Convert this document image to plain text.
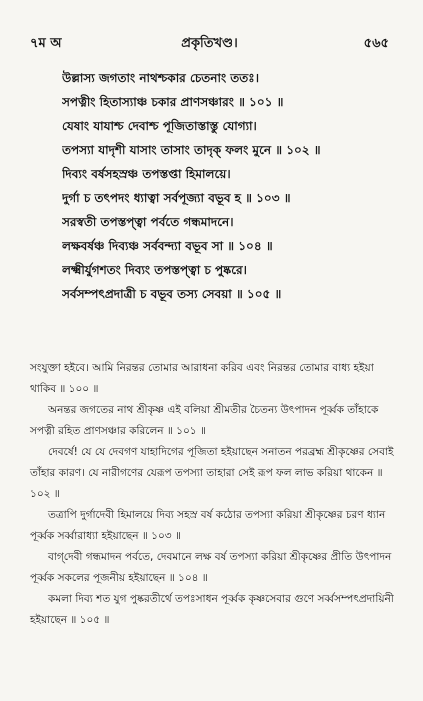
৭ম অ	প্রকৃতিখণ্ড।	৫৬৫
উল্লাস্য জগতাং নাথশ্চকার চেতনাং ততঃ।
সপত্নীং হিতাস্যাঞ্চ চকার প্রাণসঞ্চারং ॥ ১০১ ॥
যেষাং যাযাশ্চ দেবাশ্চ পূজিতাস্তাস্তু যোগ্যা।
তপস্যা যাদৃশী যাসাং তাসাং তাদৃক্ ফলং মুনে ॥ ১০২ ॥
দিব্যং বর্ষসহস্রঞ্চ তপস্তপ্তা হিমালয়ে।
দুর্গা চ তৎপদং ধ্যাত্বা সর্বপূজ্যা বভূব হ ॥ ১০৩ ॥
সরস্বতী তপস্তপ্ত্বা পর্বতে গন্ধমাদনে।
লক্ষবর্ষঞ্চ দিব্যঞ্চ সর্ববন্দ্যা বভূব সা ॥ ১০৪ ॥
লক্ষ্মীর্যুগশতং দিব্যং তপস্তপ্ত্বা চ পুষ্করে।
সর্বসম্পৎপ্রদাত্রী চ বভূব তস্য সেবয়া ॥ ১০৫ ॥
সংযুক্তা হইবে। আমি নিরন্তর তোমার আরাধনা করিব এবং নিরন্তর তোমার বাধ্য হইয়া থাকিব ॥ ১০০ ॥
অনন্তর জগতের নাথ শ্রীকৃষ্ণ এই বলিয়া শ্রীমতীর চৈতন্য উৎপাদন পূর্ব্বক তাঁহাকে সপত্নী রহিত প্রাণসঞ্চার করিলেন ॥ ১০১ ॥
দেবর্ষে! যে যে দেবগণ যাহাদিগের পূজিতা হইয়াছেন সনাতন পরব্রহ্ম শ্রীকৃষ্ণের সেবাই তাঁহার কারণ। যে নারীগণের যেরূপ তপস্যা তাহারা সেই রূপ ফল লাভ করিয়া থাকেন ॥ ১০২ ॥
তত্রাপি দুর্গাদেবী হিমালয়ে দিব্য সহস্র বর্ষ কঠোর তপস্যা করিয়া শ্রীকৃষ্ণের চরণ ধ্যান পূর্ব্বক সর্ব্বারাধ্যা হইয়াছেন ॥ ১০৩ ॥
বাগ্‌দেবী গন্ধমাদন পর্বতে, দেবমানে লক্ষ বর্ষ তপস্যা করিয়া শ্রীকৃষ্ণের প্রীতি উৎপাদন পূর্ব্বক সকলের পূজনীয় হইয়াছেন ॥ ১০৪ ॥
কমলা দিব্য শত যুগ পুষ্করতীর্থে তপঃসাধন পূর্ব্বক কৃষ্ণসেবার গুণে সর্ব্বসম্পৎপ্রদায়িনী হইয়াছেন ॥ ১০৫ ॥
